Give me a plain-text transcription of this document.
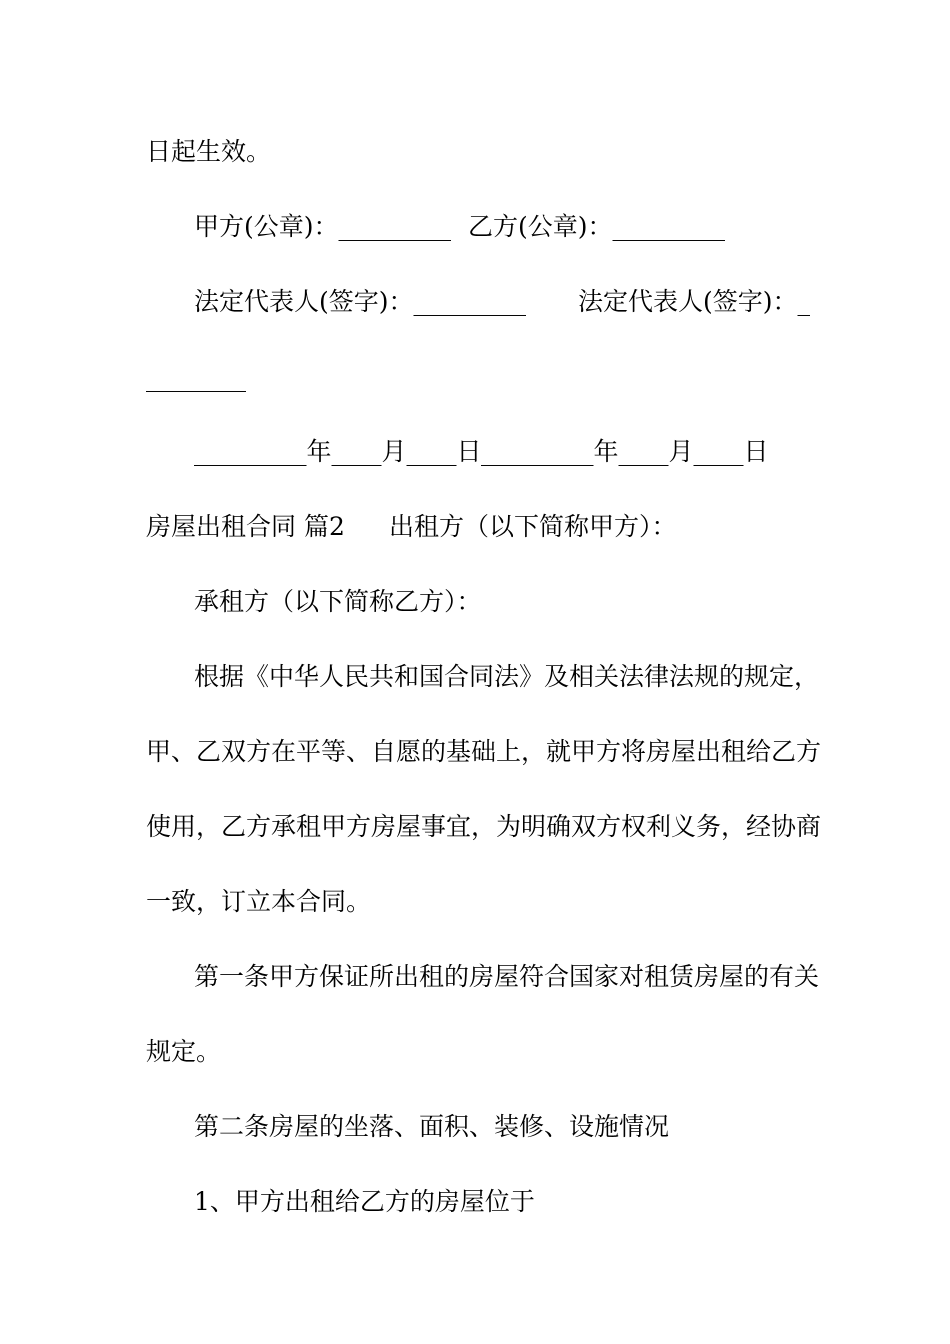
日起生效。

甲方(公章)：_________

乙方(公章)：_________

法定代表人(签字)：_________

法定代表人(签字)：_

________

_________年____月____日

_________年____月____日

房屋出租合同 篇2

出租方（以下简称甲方）：

承租方（以下简称乙方）：

根据《中华人民共和国合同法》及相关法律法规的规定，

甲、乙双方在平等、自愿的基础上，就甲方将房屋出租给乙方

使用，乙方承租甲方房屋事宜，为明确双方权利义务，经协商

一致，订立本合同。

第一条甲方保证所出租的房屋符合国家对租赁房屋的有关

规定。

第二条房屋的坐落、面积、装修、设施情况

1、甲方出租给乙方的房屋位于
